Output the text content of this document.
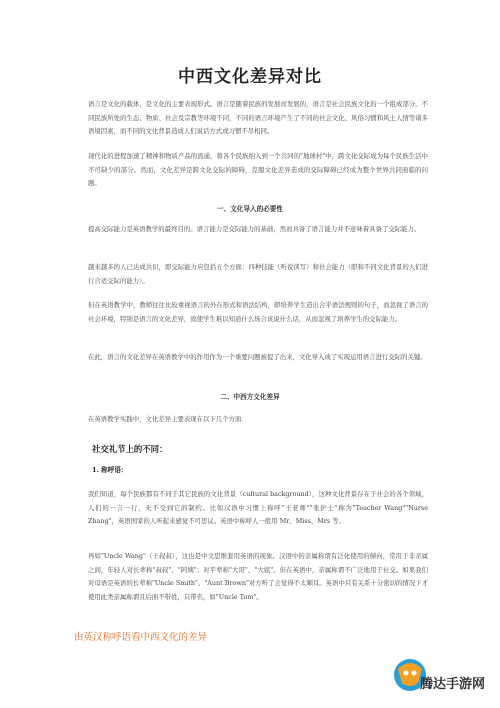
中西文化差异对比
语言是文化的载体，是文化的主要表现形式。语言是随着民族的发展而发展的，语言是社会民族文化的一个组成部分。不同民族所处的生态、物质、社会及宗教等环境不同，不同的语言环境产生了不同的社会文化、风俗习惯和风土人情等诸多语境因素，而不同的文化背景造成人们说话方式或习惯不尽相同。
现代化的进程加速了精神和物质产品的流通，将各个民族纳入到一个共同的"地球村"中，跨文化交际成为每个民族生活中不可缺少的部分。然而，文化差异是跨文化交际的障碍，克服文化差异造成的交际障碍已经成为整个世界共同面临的问题。
一、文化导入的必要性
提高交际能力是英语教学的最终目的。语言能力是交际能力的基础，然而具备了语言能力并不意味着具备了交际能力。
越来越多的人已达成共识，即交际能力应包括五个方面：四种技能（听说读写）和社会能力（即和不同文化背景的人们进行合适交际的能力）。
但在英语教学中，教师往往比较重视语言的外在形式和语法结构，即培养学生造出合乎语法规则的句子，而忽视了语言的社会环境，特别是语言的文化差异，致使学生难以知道什么场合该说什么话，从而忽视了培养学生的交际能力。
在此，语言的文化差异在英语教学中的作用作为一个重要问题被提了出来，文化导入成了实现运用语言进行交际的关键。
二、中西方文化差异
在英语教学实践中，文化差异主要表现在以下几个方面：
社交礼节上的不同：
1. 称呼语：
我们知道，每个民族都有不同于其它民族的文化背景（cultural background），这种文化背景存在于社会的各个领域，人们的一言一行，无不受到它的制约。比如汉语中习惯上称呼"王老师""张护士"称为"Teacher Wang""Nurse Zhang"，英语国家的人听起来感觉不可思议。英语中称呼人一般用 Mr、Miss、Mrs 等。
再如"Uncle Wang"（王叔叔），这也是中文思维套用英语的现象。汉语中的亲属称谓有泛化使用的倾向，常用于非亲属之间，年轻人对长辈称"叔叔"、"阿姨"；对平辈称"大哥"、"大姐"。但在英语中，亲属称谓不广泛地用于社交。如果我们对母语是英语的长辈称"Uncle Smith"、"Aunt Brown"对方听了会觉得不太顺耳。英语中只有关系十分密切的情况下才使用此类亲属称谓且后面不带姓，只带名，如"Uncle Tom"。
由英汉称呼语看中西文化的差异
腾达手游网
